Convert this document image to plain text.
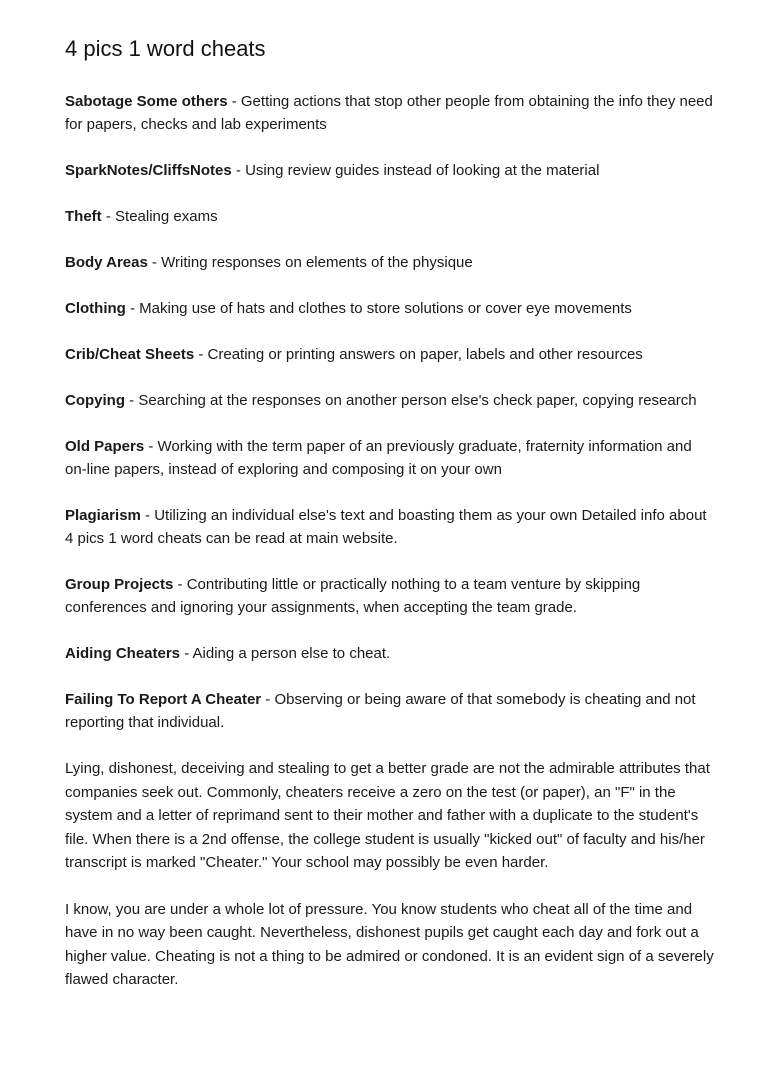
4 pics 1 word cheats
Sabotage Some others - Getting actions that stop other people from obtaining the info they need for papers, checks and lab experiments
SparkNotes/CliffsNotes - Using review guides instead of looking at the material
Theft - Stealing exams
Body Areas - Writing responses on elements of the physique
Clothing - Making use of hats and clothes to store solutions or cover eye movements
Crib/Cheat Sheets - Creating or printing answers on paper, labels and other resources
Copying - Searching at the responses on another person else's check paper, copying research
Old Papers - Working with the term paper of an previously graduate, fraternity information and on-line papers, instead of exploring and composing it on your own
Plagiarism - Utilizing an individual else's text and boasting them as your own Detailed info about 4 pics 1 word cheats can be read at main website.
Group Projects - Contributing little or practically nothing to a team venture by skipping conferences and ignoring your assignments, when accepting the team grade.
Aiding Cheaters - Aiding a person else to cheat.
Failing To Report A Cheater - Observing or being aware of that somebody is cheating and not reporting that individual.

Lying, dishonest, deceiving and stealing to get a better grade are not the admirable attributes that companies seek out. Commonly, cheaters receive a zero on the test (or paper), an "F" in the system and a letter of reprimand sent to their mother and father with a duplicate to the student's file. When there is a 2nd offense, the college student is usually "kicked out" of faculty and his/her transcript is marked "Cheater." Your school may possibly be even harder.

I know, you are under a whole lot of pressure. You know students who cheat all of the time and have in no way been caught. Nevertheless, dishonest pupils get caught each day and fork out a higher value. Cheating is not a thing to be admired or condoned. It is an evident sign of a severely flawed character.
